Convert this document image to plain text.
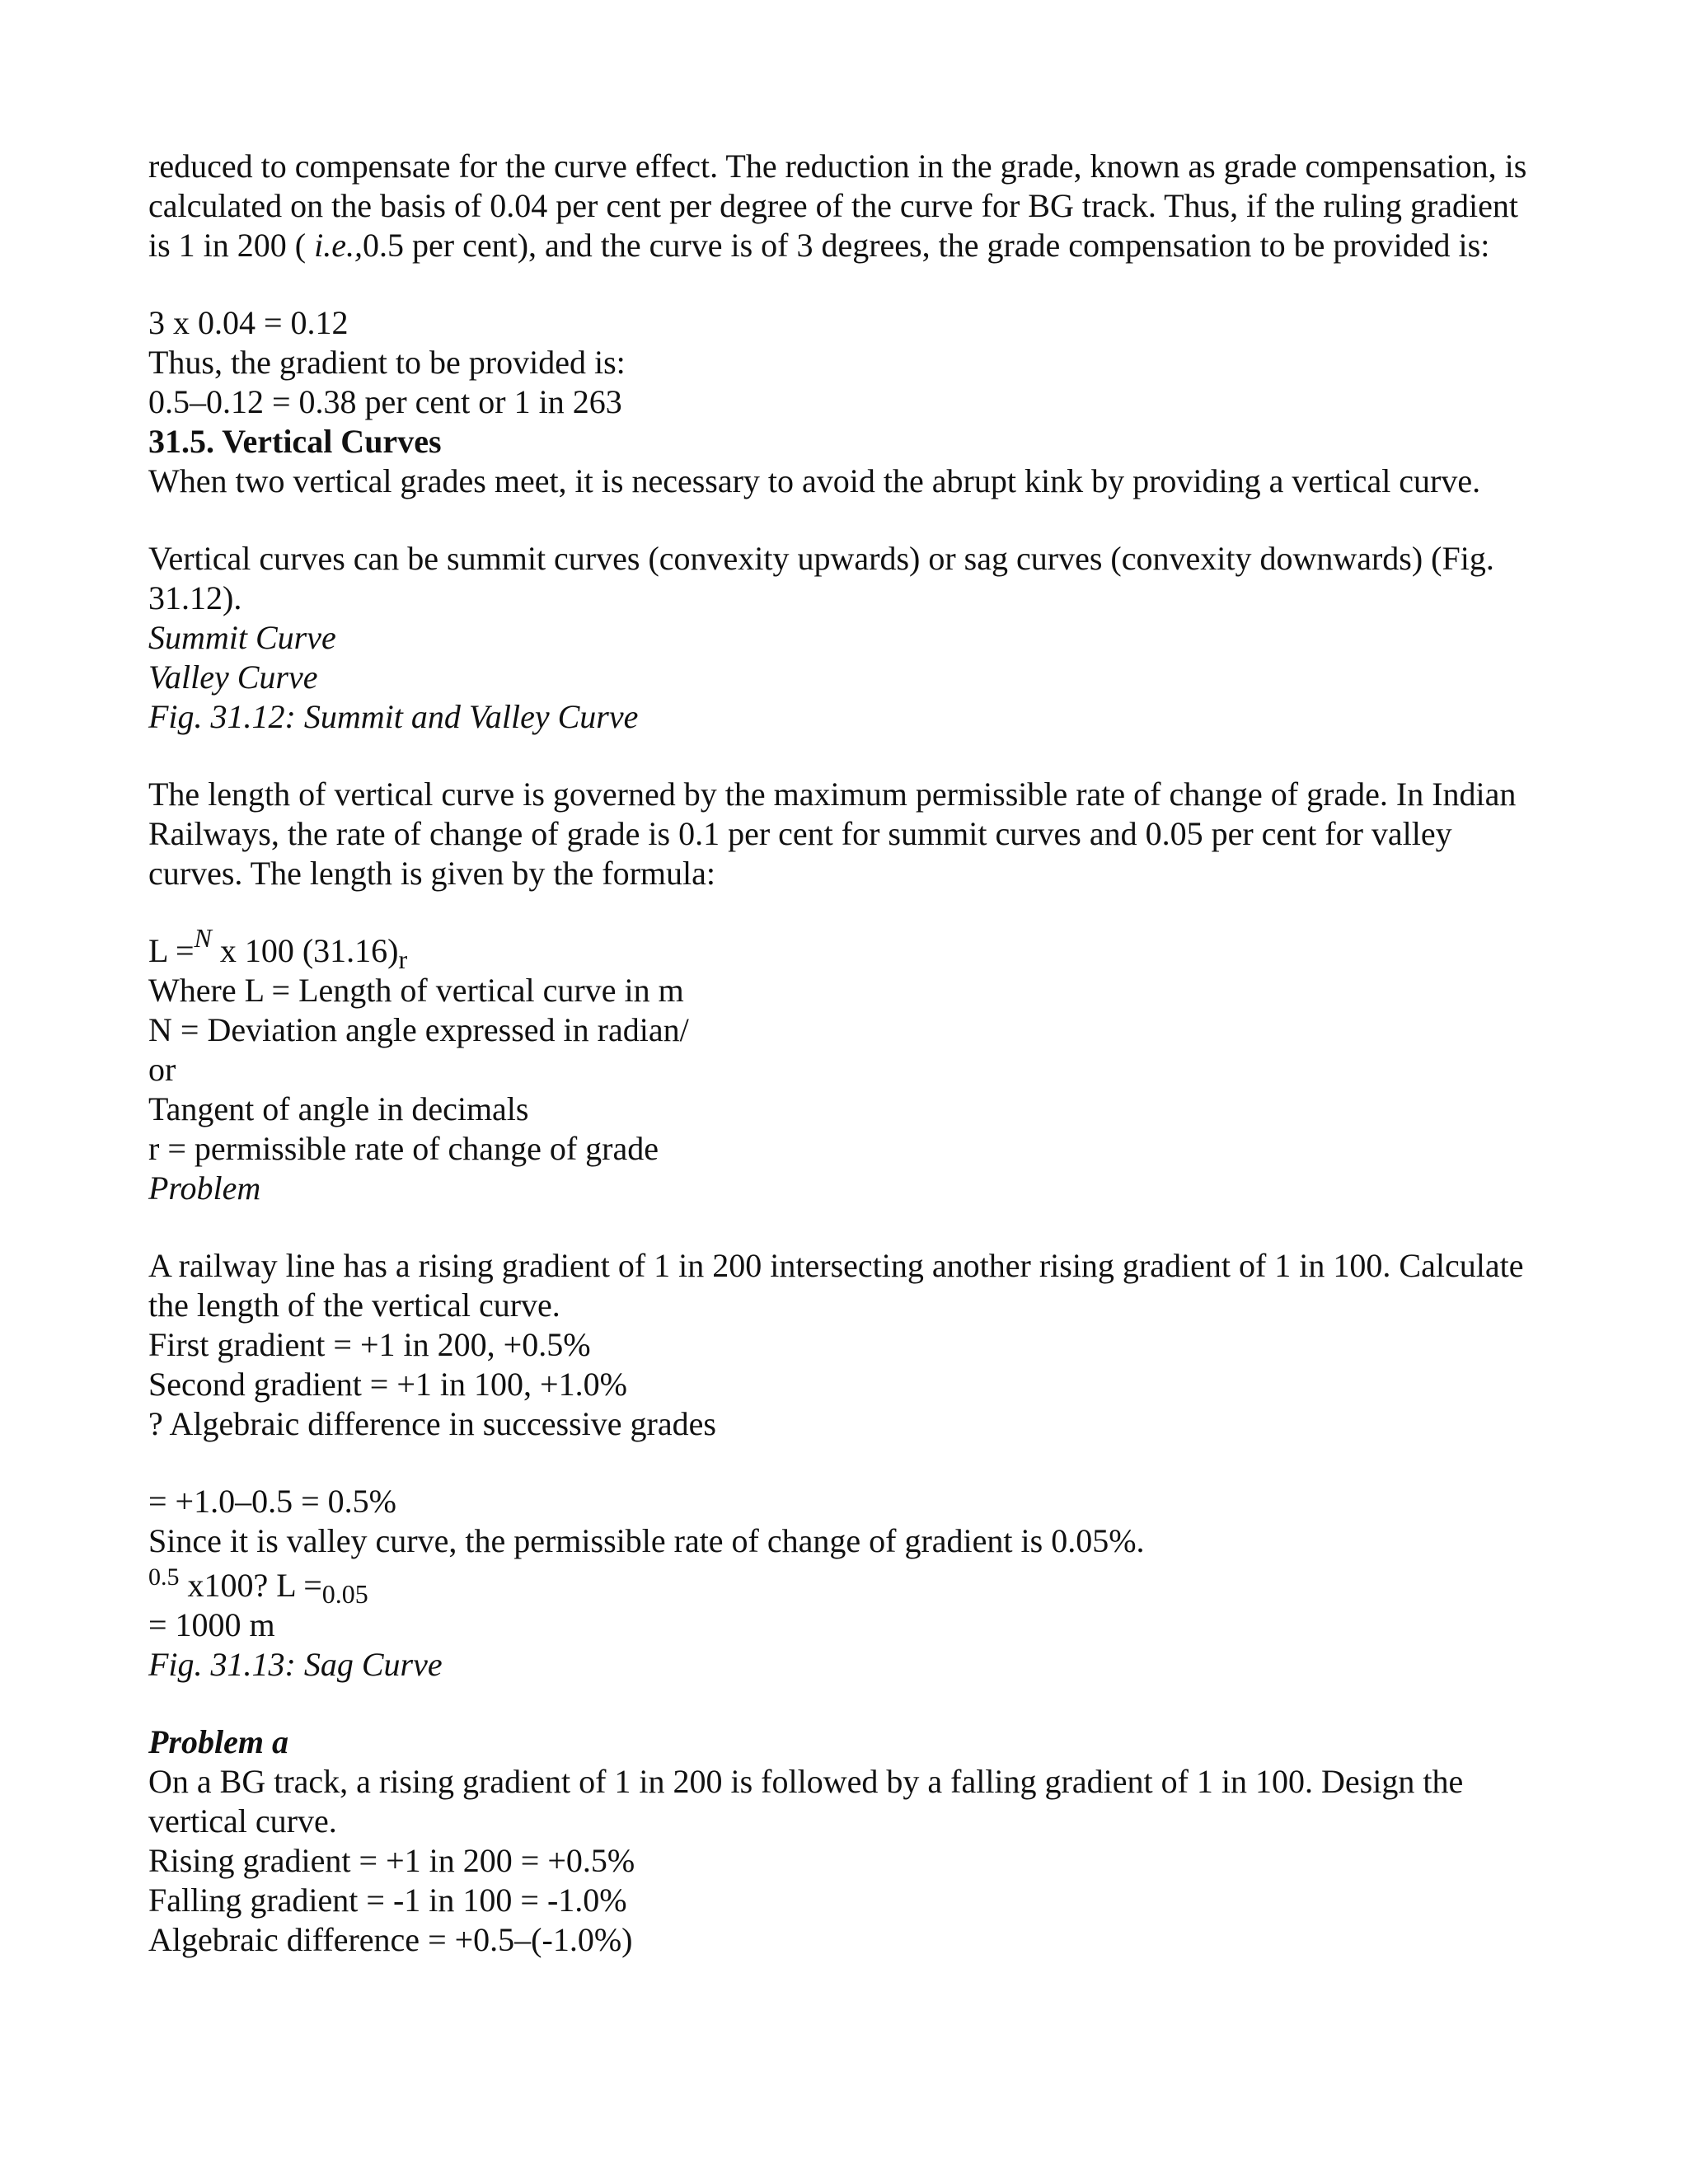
reduced to compensate for the curve effect. The reduction in the grade, known as grade compensation, is
calculated on the basis of 0.04 per cent per degree of the curve for BG track. Thus, if the ruling gradient
is 1 in 200 ( i.e.,0.5 per cent), and the curve is of 3 degrees, the grade compensation to be provided is:
3 x 0.04 = 0.12
Thus, the gradient to be provided is:
0.5–0.12 = 0.38 per cent or 1 in 263
31.5. Vertical Curves
When two vertical grades meet, it is necessary to avoid the abrupt kink by providing a vertical curve.
Vertical curves can be summit curves (convexity upwards) or sag curves (convexity downwards) (Fig.
31.12).
Summit Curve
Valley Curve
Fig. 31.12: Summit and Valley Curve
The length of vertical curve is governed by the maximum permissible rate of change of grade. In Indian
Railways, the rate of change of grade is 0.1 per cent for summit curves and 0.05 per cent for valley
curves. The length is given by the formula:
L =$^N$ x 100 $(31.16)_r$
Where L = Length of vertical curve in m
N = Deviation angle expressed in radian/
or
Tangent of angle in decimals
r = permissible rate of change of grade
Problem
A railway line has a rising gradient of 1 in 200 intersecting another rising gradient of 1 in 100. Calculate
the length of the vertical curve.
First gradient = +1 in 200, +0.5%
Second gradient = +1 in 100, +1.0%
? Algebraic difference in successive grades
= +1.0–0.5 = 0.5%
Since it is valley curve, the permissible rate of change of gradient is 0.05%.
$^{0.5}$ x100? $L =_{0.05}$
= 1000 m
Fig. 31.13: Sag Curve
Problem a
On a BG track, a rising gradient of 1 in 200 is followed by a falling gradient of 1 in 100. Design the
vertical curve.
Rising gradient = +1 in 200 = +0.5%
Falling gradient = -1 in 100 = -1.0%
Algebraic difference = +0.5–(-1.0%)
